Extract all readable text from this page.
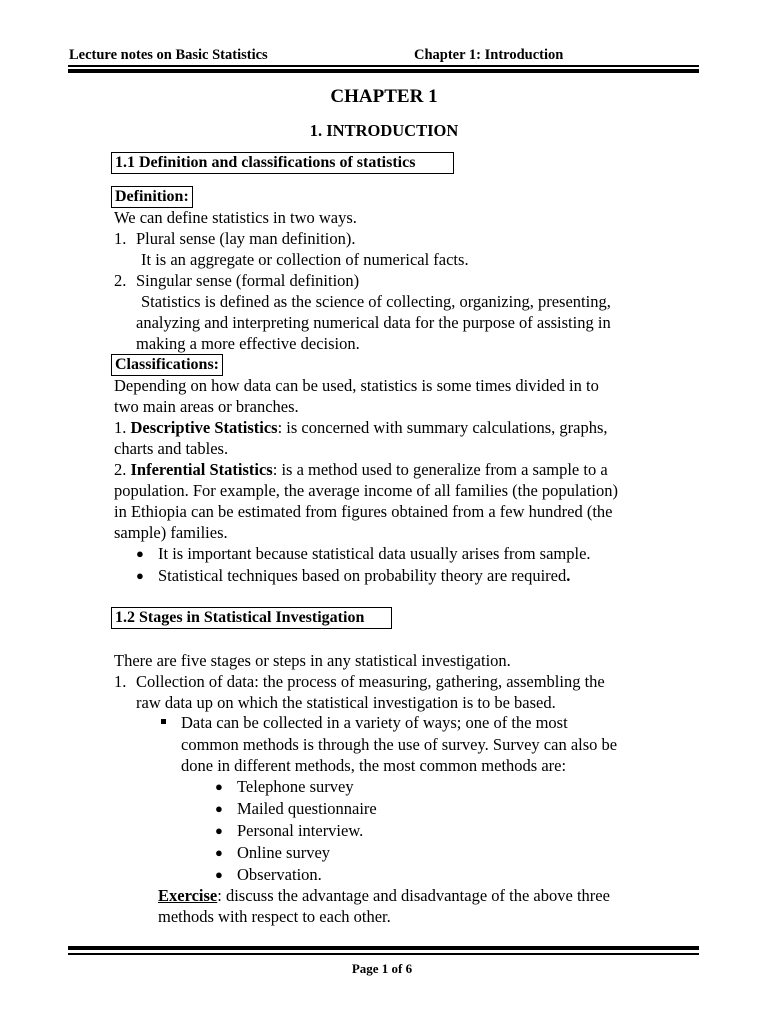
Lecture notes on Basic Statistics	Chapter 1: Introduction
CHAPTER 1
1. INTRODUCTION
1.1 Definition and classifications of statistics
Definition:
We can define statistics in two ways.
1. Plural sense (lay man definition).
It is an aggregate or collection of numerical facts.
2. Singular sense (formal definition)
Statistics is defined as the science of collecting, organizing, presenting,
analyzing and interpreting numerical data for the purpose of assisting in
making a more effective decision.
Classifications:
Depending on how data can be used, statistics is some times divided in to
two main areas or branches.
1. Descriptive Statistics: is concerned with summary calculations, graphs,
charts and tables.
2. Inferential Statistics: is a method used to generalize from a sample to a
population. For example, the average income of all families (the population)
in Ethiopia can be estimated from figures obtained from a few hundred (the
sample) families.
● It is important because statistical data usually arises from sample.
● Statistical techniques based on probability theory are required.
1.2 Stages in Statistical Investigation
There are five stages or steps in any statistical investigation.
1. Collection of data: the process of measuring, gathering, assembling the
raw data up on which the statistical investigation is to be based.
Data can be collected in a variety of ways; one of the most
common methods is through the use of survey. Survey can also be
done in different methods, the most common methods are:
● Telephone survey
● Mailed questionnaire
● Personal interview.
● Online survey
● Observation.
Exercise: discuss the advantage and disadvantage of the above three
methods with respect to each other.
Page 1 of 6
